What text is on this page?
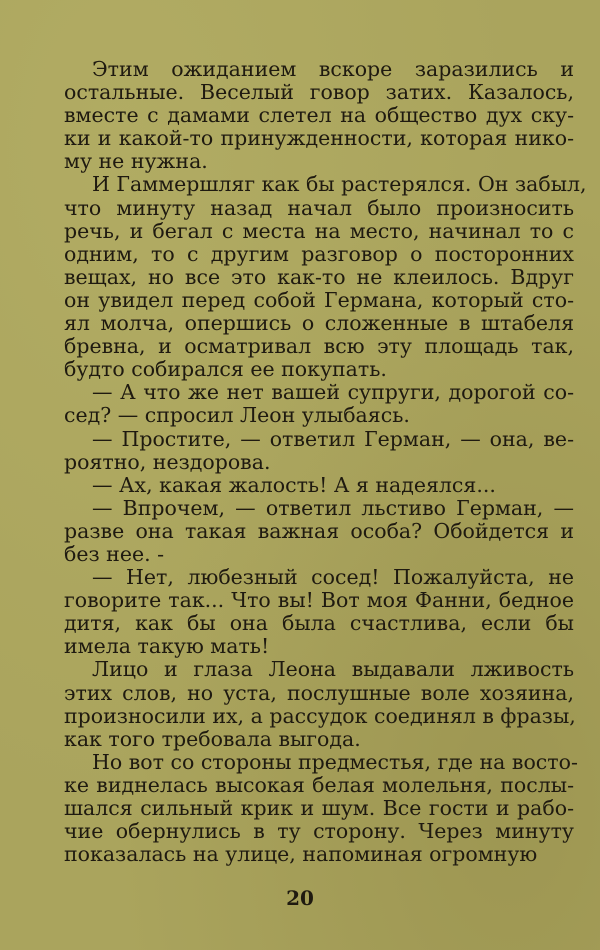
Этим ожиданием вскоре заразились и
остальные. Веселый говор затих. Казалось,
вместе с дамами слетел на общество дух ску-
ки и какой-то принужденности, которая нико-
му не нужна.

И Гаммершляг как бы растерялся. Он забыл,
что минуту назад начал было произносить
речь, и бегал с места на место, начинал то с
одним, то с другим разговор о посторонних
вещах, но все это как-то не клеилось. Вдруг
он увидел перед собой Германа, который сто-
ял молча, опершись о сложенные в штабеля
бревна, и осматривал всю эту площадь так,
будто собирался ее покупать.

— А что же нет вашей супруги, дорогой со-
сед? — спросил Леон улыбаясь.

— Простите, — ответил Герман, — она, ве-
роятно, нездорова.

— Ах, какая жалость! А я надеялся...

— Впрочем, — ответил льстиво Герман, —
разве она такая важная особа? Обойдется и
без нее. -

— Нет, любезный сосед! Пожалуйста, не
говорите так... Что вы! Вот моя Фанни, бедное
дитя, как бы она была счастлива, если бы
имела такую мать!

Лицо и глаза Леона выдавали лживость
этих слов, но уста, послушные воле хозяина,
произносили их, а рассудок соединял в фразы,
как того требовала выгода.

Но вот со стороны предместья, где на восто-
ке виднелась высокая белая молельня, послы-
шался сильный крик и шум. Все гости и рабо-
чие обернулись в ту сторону. Через минуту
показалась на улице, напоминая огромную

20
